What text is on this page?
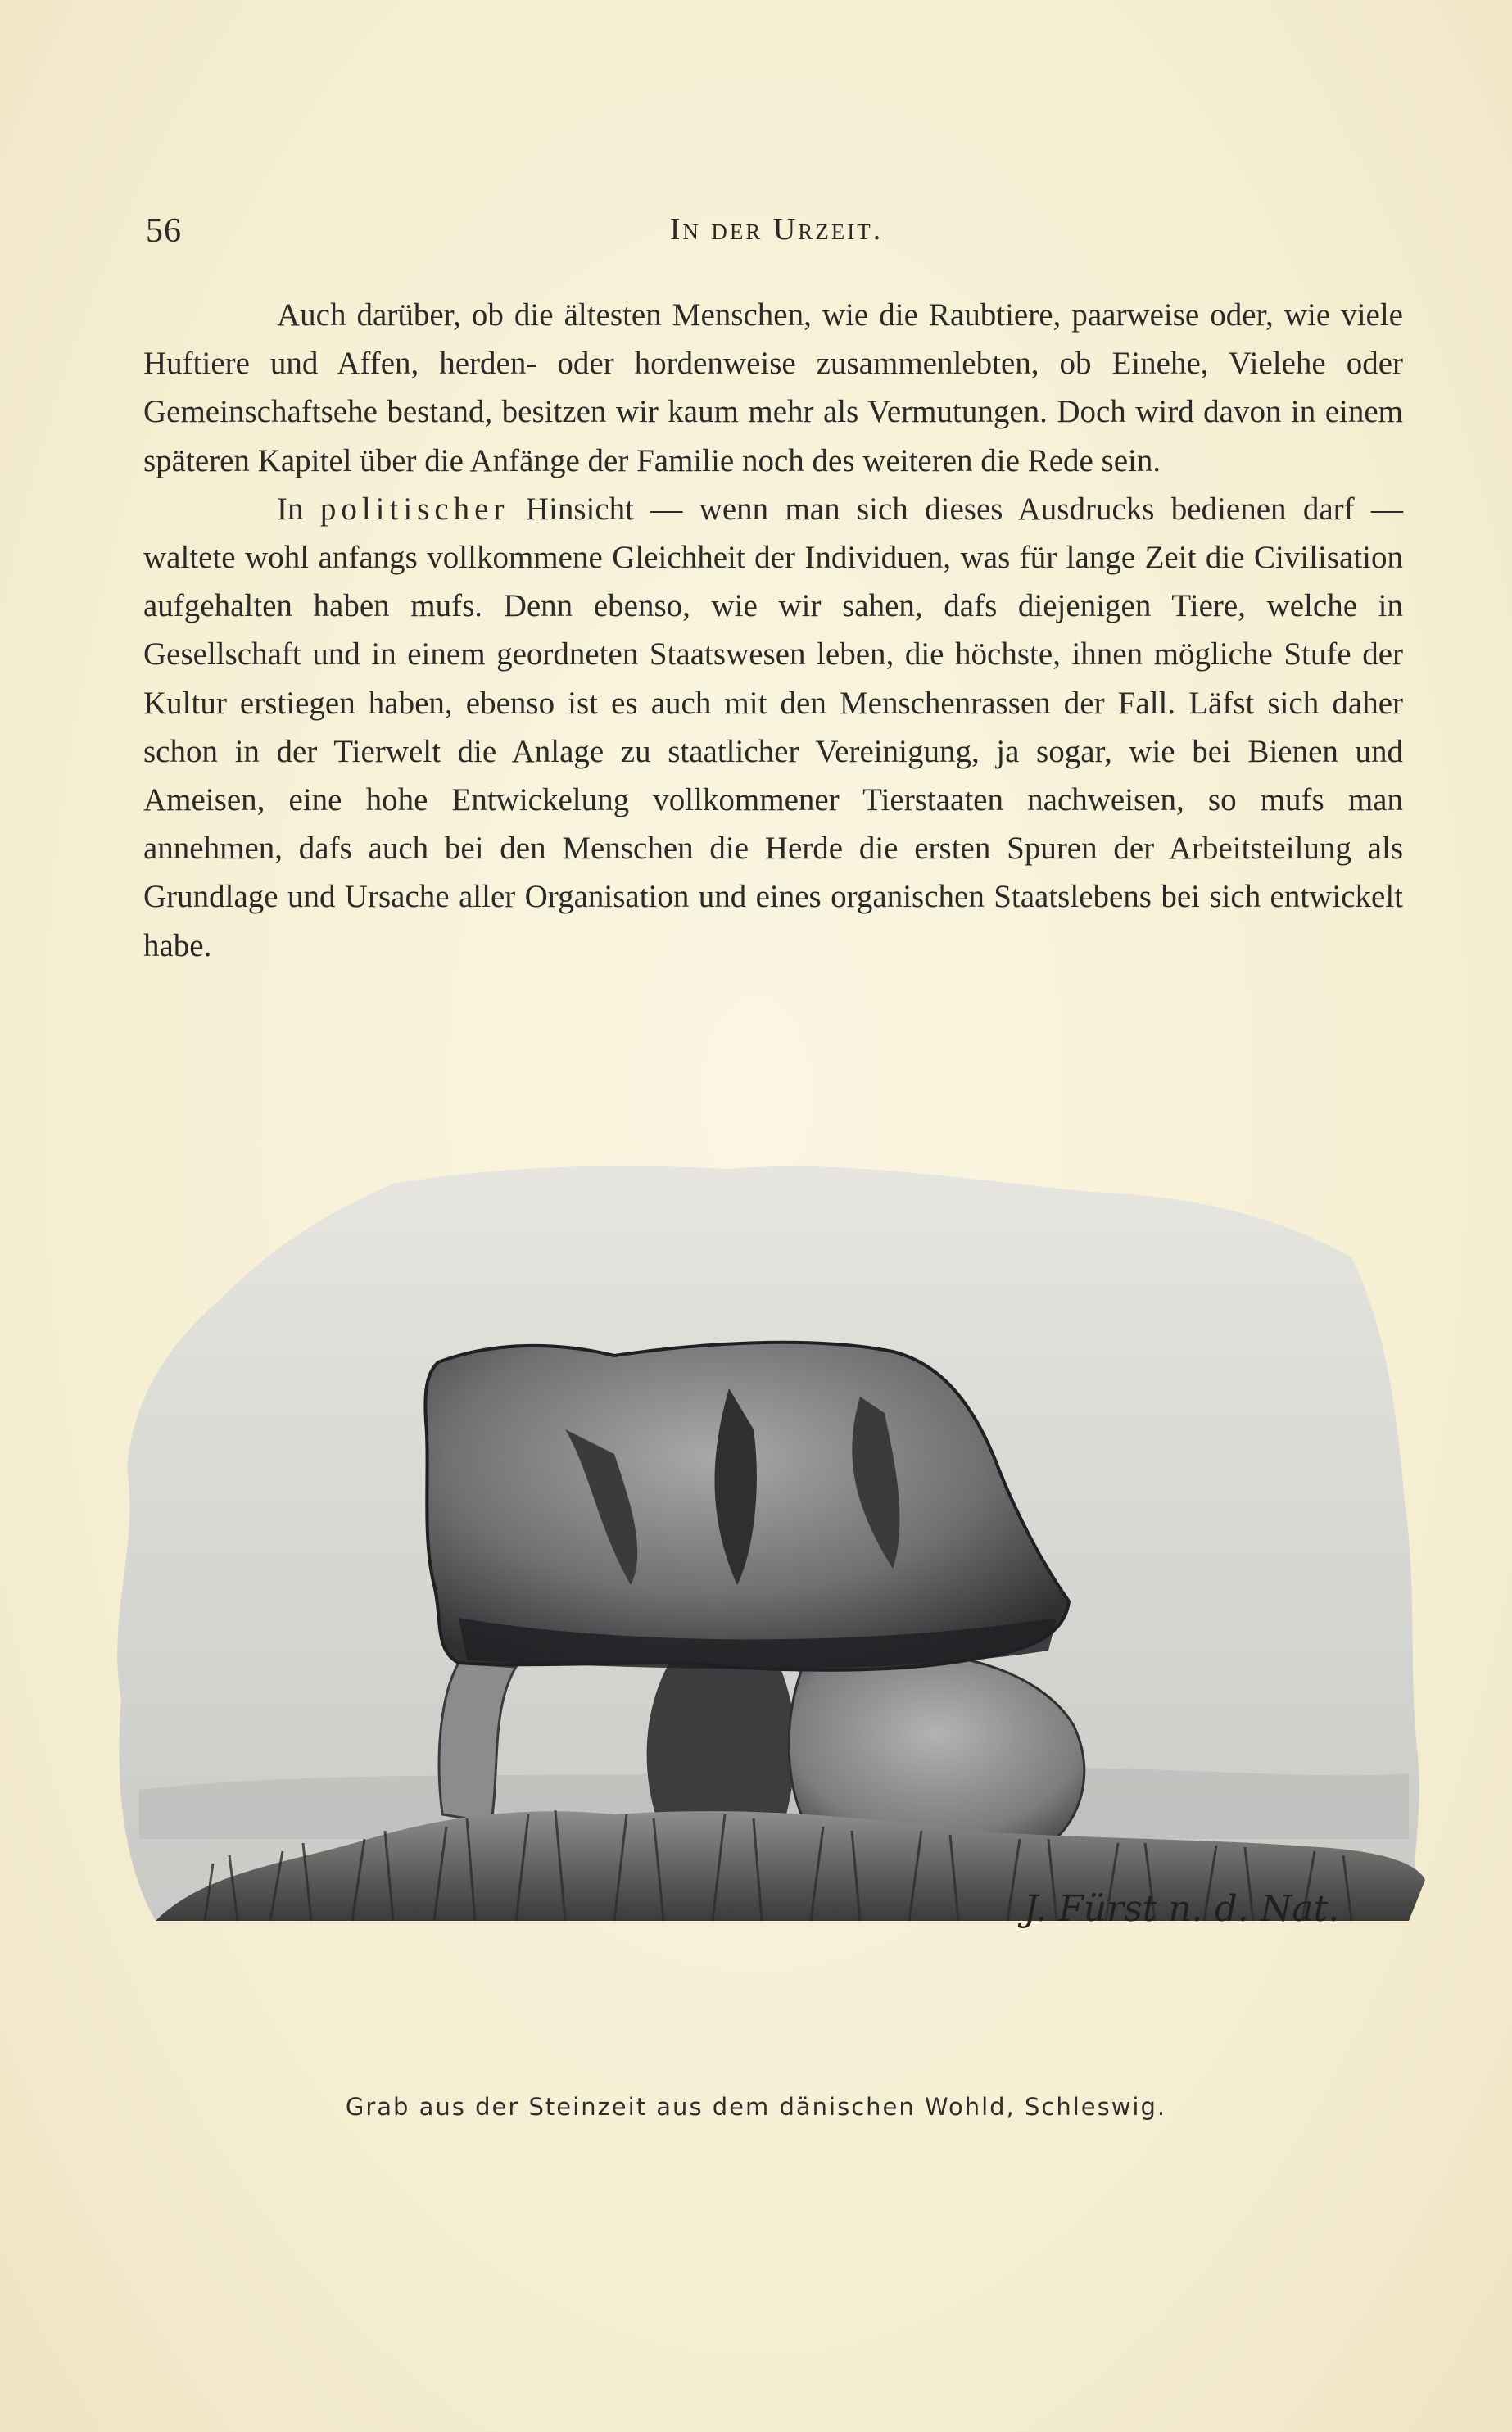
56	In der Urzeit.

Auch darüber, ob die ältesten Menschen, wie die Raubtiere, paarweise oder, wie viele Huftiere und Affen, herden- oder hordenweise zusammenlebten, ob Einehe, Vielehe oder Gemeinschaftsehe bestand, besitzen wir kaum mehr als Vermutungen. Doch wird davon in einem späteren Kapitel über die Anfänge der Familie noch des weiteren die Rede sein.

In politischer Hinsicht — wenn man sich dieses Ausdrucks bedienen darf — waltete wohl anfangs vollkommene Gleichheit der Individuen, was für lange Zeit die Civilisation aufgehalten haben mufs. Denn ebenso, wie wir sahen, dafs diejenigen Tiere, welche in Gesellschaft und in einem geordneten Staatswesen leben, die höchste, ihnen mögliche Stufe der Kultur erstiegen haben, ebenso ist es auch mit den Menschenrassen der Fall. Läfst sich daher schon in der Tierwelt die Anlage zu staatlicher Vereinigung, ja sogar, wie bei Bienen und Ameisen, eine hohe Entwickelung vollkommener Tierstaaten nachweisen, so mufs man annehmen, dafs auch bei den Menschen die Herde die ersten Spuren der Arbeitsteilung als Grundlage und Ursache aller Organisation und eines organischen Staatslebens bei sich entwickelt habe.

J. Fürst n. d. Nat.
Grab aus der Steinzeit aus dem dänischen Wohld, Schleswig.
